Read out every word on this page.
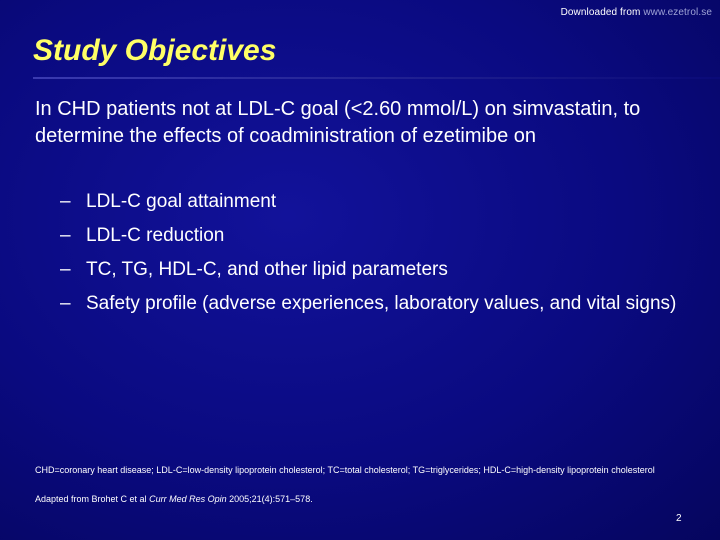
Downloaded from www.ezetrol.se
Study Objectives

In CHD patients not at LDL-C goal (<2.60 mmol/L) on simvastatin, to determine the effects of coadministration of ezetimibe on

– LDL-C goal attainment
– LDL-C reduction
– TC, TG, HDL-C, and other lipid parameters
– Safety profile (adverse experiences, laboratory values, and vital signs)

CHD=coronary heart disease; LDL-C=low-density lipoprotein cholesterol; TC=total cholesterol; TG=triglycerides; HDL-C=high-density lipoprotein cholesterol

Adapted from Brohet C et al Curr Med Res Opin 2005;21(4):571–578.

2
